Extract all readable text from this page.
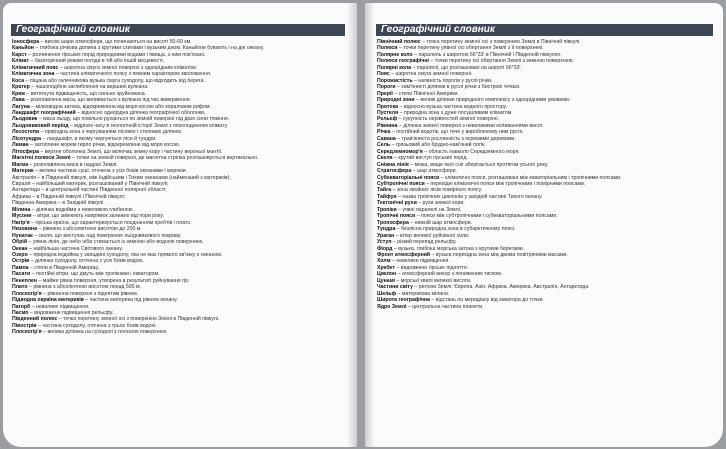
Географічний словник
Іоносфера – високі шари атмосфери, що починаються на висоті 50-60 км.
Каньйон – глибока річкова долина з крутими схилами і вузьким дном. Каньйони бувають і на дні океану.
Карст – розчинення гірських порід природними водами і явища, з ним пов'язані.
Клімат – багаторічний режим погоди в тій або іншій місцевості.
Кліматичний пояс – широтна смуга земної поверхні з однорідним кліматом.
Кліматична зона – частина кліматичного поясу з певним характером зволоження.
Коса – піщана або галечникова вузька смуга суходолу, що відходить від берега.
Кратер – чашоподібне заглиблення на вершині вулкана.
Кряж – витягнута підвищеність, що сильно зруйнована.
Лава – розплавлена маса, що виливається з вулкана під час виверження.
Лагуна – мілководна затока, відокремлена від моря косою або кораловим рифом.
Ландшафт географічний – відносно однорідна ділянка географічної оболонки.
Льодовик – маса льоду, що повільно рухається по земній поверхні під дією сили тяжіння.
Льодовиковий період – відрізок часу в геологічній історії Землі з похолоданням клімату.
Лесостепи – природна зона з чергуванням лісових і степових ділянок.
Лісотундра – ландшафт, в якому чергуються ліси й тундри.
Лиман – затоплене морем гирло річки, відокремлене від моря косою.
Літосфера – верхня оболонка Землі, що включає земну кору і частину верхньої мантії.
Магнітні полюси Землі – точки на земній поверхні, де магнітна стрілка розташовується вертикально.
Магма – розплавлена маса в надрах Землі.
Материк – велика частина суші, оточена з усіх боків океанами і морями.
Австралія – в Південній півкулі, між Індійським і Тихим океанами (найменший з материків);
Євразія – найбільший материк, розташований у Північній півкулі;
Антарктида – в центральній частині Південної полярної області;
Африка – в Південній півкулі і Північній півкулі;
Південна Америка – в Західній півкулі.
Мілина – ділянка водойми з невеликою глибиною.
Мусони – вітри, що змінюють напрямок залежно від пори року.
Нагір'я – гірська країна, що характеризується поєднанням хребтів і плато.
Низовина – рівнина з абсолютною висотою до 200 м.
Нунатак – скеля, що виступає над поверхнею льодовикового покриву.
Обрій – уявна лінія, де небо ніби стикається із земною або водною поверхнею.
Океан – найбільша частина Світового океану.
Озеро – природна водойма у западині суходолу, яка не має прямого зв'язку з океаном.
Острів – ділянка суходолу, оточена з усіх боків водою.
Пампа – степи в Південній Америці.
Пасати – постійні вітри, що дмуть між тропіками і екватором.
Пенеплен – майже рівна поверхня, утворена в результаті руйнування гір.
Плато – рівнина з абсолютною висотою понад 500 м.
Плоскогір'я – рівнинна поверхня з піднятим рівнем.
Підводна окраїна материків – частина материка під рівнем океану.
Пагорб – невелике підвищення.
Пасмо – видовжене підвищення рельєфу.
Південний полюс – точка перетину земної осі з поверхнею Землі в Південній півкулі.
Півострів – частина суходолу, оточена з трьох боків водою.
Плоскогір'я – велика ділянка на суходолі з плоскою поверхнею.
Географічний словник
Північний полюс – точка перетину земної осі з поверхнею Землі в Північній півкулі.
Полюси – точки перетину уявної осі обертання Землі з її поверхнею.
Полярне коло – паралель з широтою 66°33′ в Північній і Південній півкулях.
Полюси географічні – точки перетину осі обертання Землі з земною поверхнею.
Полярні кола – паралелі, що розташовані на широті 66°33′.
Пояс – широтна смуга земної поверхні.
Порожистість – наявність порогів у руслі річки.
Пороги – кам'янисті ділянки в руслі річки з бистрою течією.
Прерії – степи Північної Америки.
Природні зони – великі ділянки природного комплексу з однорідними умовами.
Протока – відносно вузька частина водного простору.
Пустеля – природна зона з дуже посушливим кліматом.
Рельєф – сукупність нерівностей земної поверхні.
Рівнина – ділянка земної поверхні з невеликими коливаннями висот.
Річка – постійний водотік, що тече у виробленому ним руслі.
Савана – трав'яниста рослинність з окремими деревами.
Сель – грязьовий або брудно-кам'яний потік.
Середземномор'я – область навколо Середземного моря.
Скеля – крутий виступ гірських порід.
Сніжна лінія – межа, вище якої сніг зберігається протягом усього року.
Стратосфера – шар атмосфери.
Субекваторіальні пояси – кліматичні пояси, розташовані між екваторіальним і тропічними поясами.
Субтропічні пояси – перехідні кліматичні пояси між тропічними і помірними поясами.
Тайга – зона хвойних лісів помірного поясу.
Тайфун – назва тропічних циклонів у західній частині Тихого океану.
Тектонічні рухи – рухи земної кори.
Тропіки – уявні паралелі на Землі.
Тропічні пояси – пояси між субтропічними і субекваторіальними поясами.
Тропосфера – нижній шар атмосфери.
Тундра – безлісна природна зона в субарктичному поясі.
Ураган – вітер великої руйнівної сили.
Уступ – різкий перепад рельєфу.
Фіорд – вузька, глибока морська затока з крутими берегами.
Фронт атмосферний – вузька перехідна зона між двома повітряними масами.
Холм – невелике підвищення.
Хребет – видовжене гірське підняття.
Циклон – атмосферний вихор з пониженим тиском.
Цунамі – морські хвилі великої висоти.
Частини світу – регіони Землі: Європа, Азія, Африка, Америка, Австралія, Антарктида.
Шельф – материкова мілина.
Широта географічна – відстань по меридіану від екватора до точки.
Ядро Землі – центральна частина планети.
